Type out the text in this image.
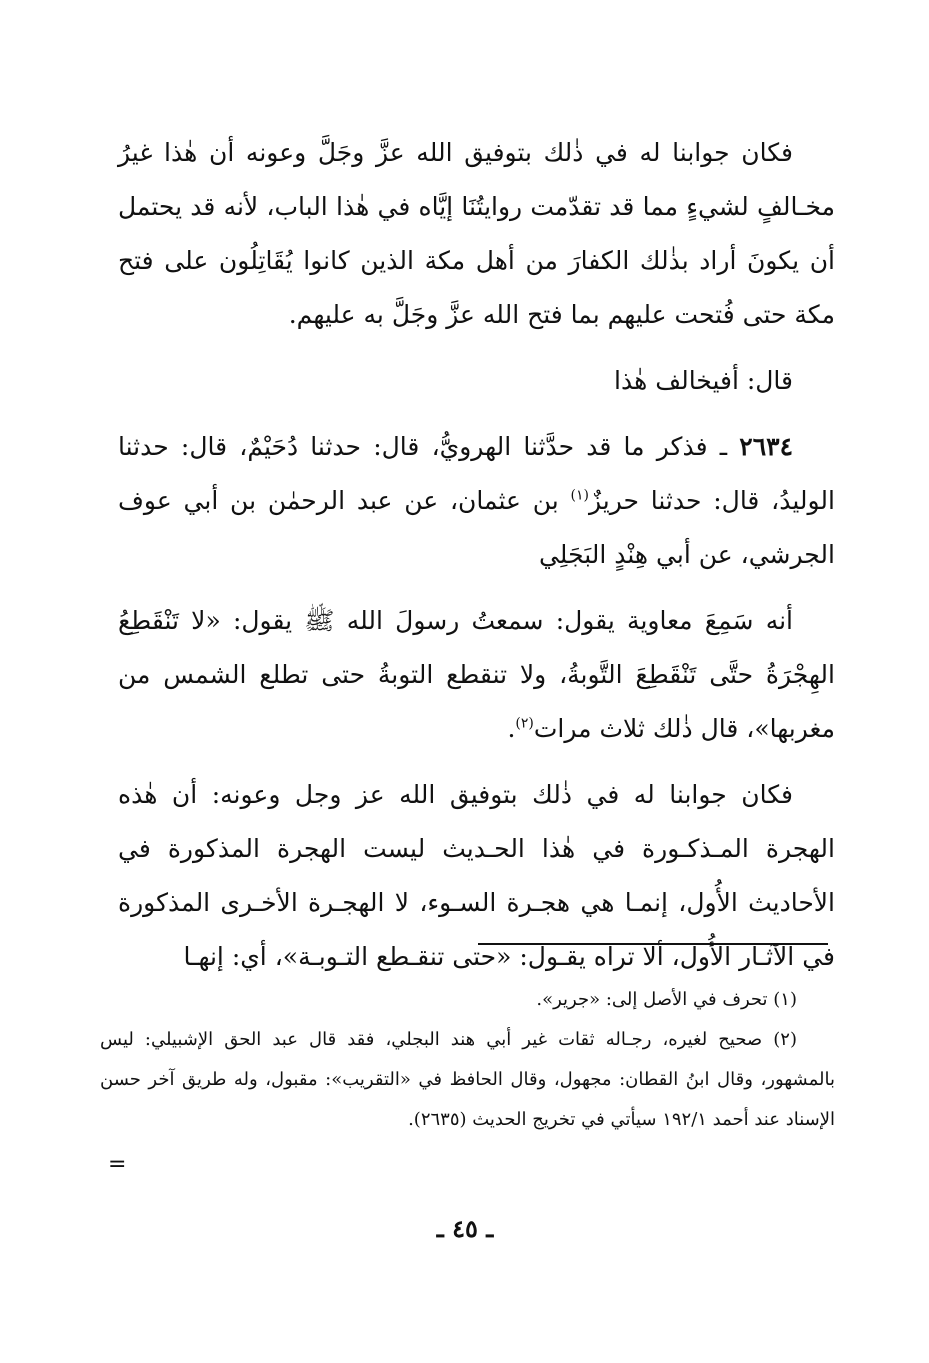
فكان جوابنا له في ذٰلك بتوفيق الله عزَّ وجَلَّ وعونه أن هٰذا غيرُ مخـالفٍ لشيءٍ مما قد تقدّمت روايتُنَا إيَّاه في هٰذا الباب، لأنه قد يحتمل أن يكونَ أراد بذٰلك الكفارَ من أهل مكة الذين كانوا يُقَاتِلُون على فتح مكة حتى فُتحت عليهم بما فتح الله عزَّ وجَلَّ به عليهم.

قال: أفيخالف هٰذا

٢٦٣٤ ـ فذكر ما قد حدَّثنا الهرويُّ، قال: حدثنا دُحَيْمٌ، قال: حدثنا الوليدُ، قال: حدثنا حريزٌ$^{(١)}$ بن عثمان، عن عبد الرحمٰن بن أبي عوف الجرشي، عن أبي هِنْدٍ البَجَلِي

أنه سَمِعَ معاوية يقول: سمعتُ رسولَ الله ﷺ يقول: «لا تَنْقَطِعُ الهِجْرَةُ حتَّى تَنْقَطِعَ التَّوبةُ، ولا تنقطع التوبةُ حتى تطلع الشمس من مغربها»، قال ذٰلك ثلاث مرات$^{(٢)}$.

فكان جوابنا له في ذٰلك بتوفيق الله عز وجل وعونه: أن هٰذه الهجرة المـذكـورة في هٰذا الحـديث ليست الهجرة المذكورة في الأحاديث الأُول، إنمـا هي هجـرة السـوء، لا الهجـرة الأخـرى المذكورة في الآثـار الأُول، ألا تراه يقـول: «حتى تنقـطع التـوبـة»، أي: إنهـا

(١) تحرف في الأصل إلى: «جرير».

(٢) صحيح لغيره، رجـاله ثقات غير أبي هند البجلي، فقد قال عبد الحق الإشبيلي: ليس بالمشهور، وقال ابنُ القطان: مجهول، وقال الحافظ في «التقريب»: مقبول، وله طريق آخر حسن الإسناد عند أحمد ١٩٢/١ سيأتي في تخريج الحديث (٢٦٣٥).

=
ـ ٤٥ ـ
